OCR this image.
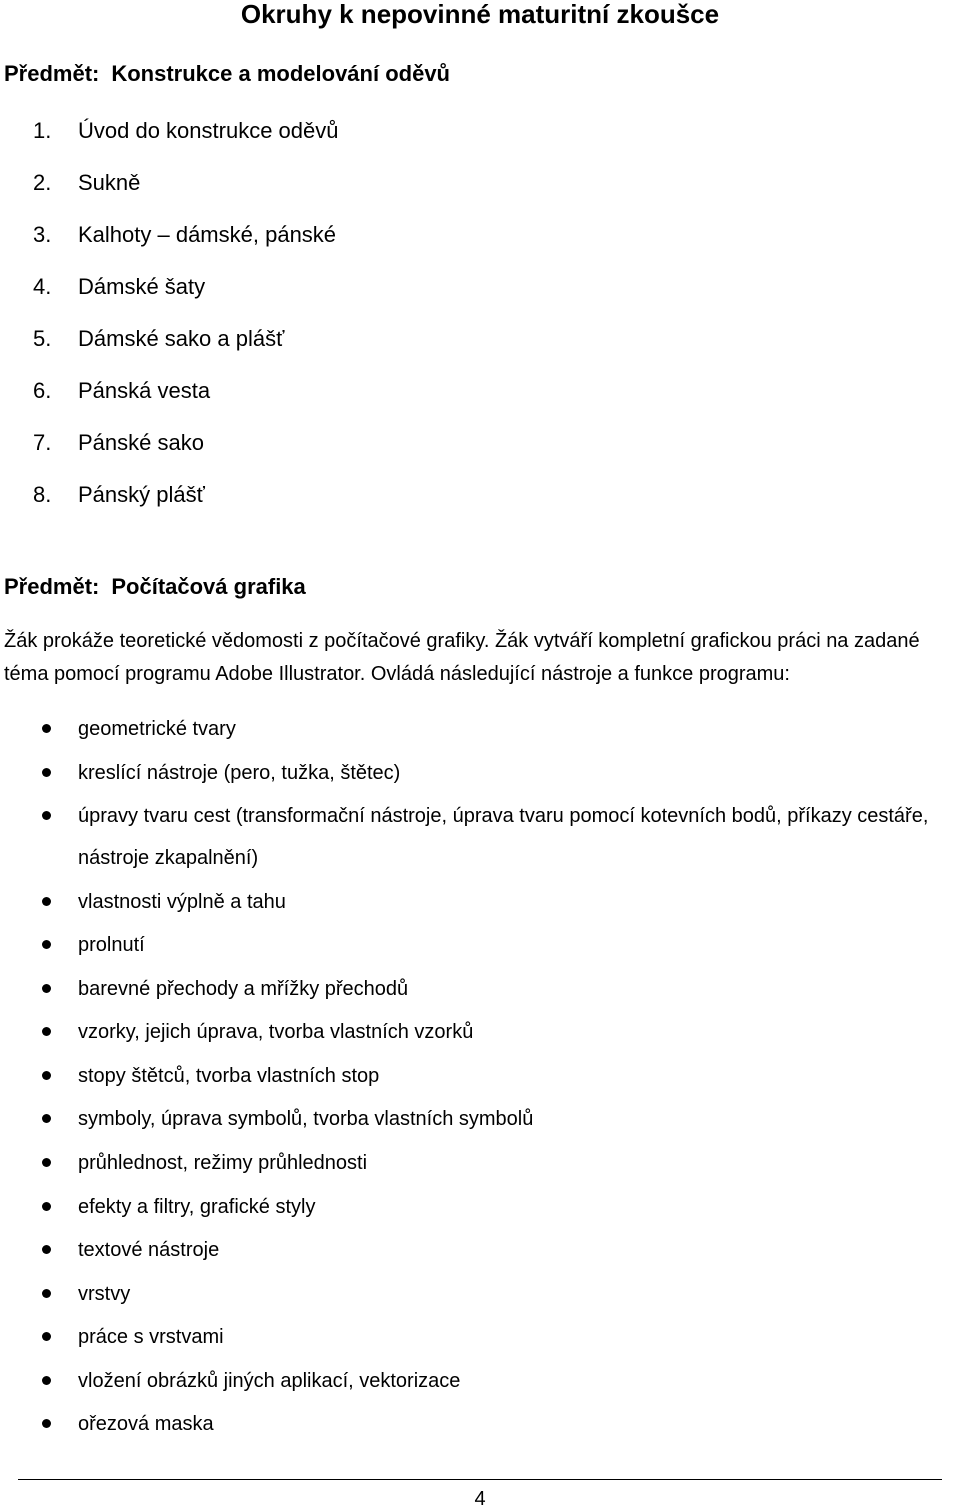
Okruhy k nepovinné maturitní zkoušce
Předmět: Konstrukce a modelování oděvů
1.	Úvod do konstrukce oděvů
2.	Sukně
3.	Kalhoty – dámské, pánské
4.	Dámské šaty
5.	Dámské sako a plášť
6.	Pánská vesta
7.	Pánské sako
8.	Pánský plášť
Předmět: Počítačová grafika

Žák prokáže teoretické vědomosti z počítačové grafiky. Žák vytváří kompletní grafickou práci na zadané téma pomocí programu Adobe Illustrator. Ovládá následující nástroje a funkce programu:

geometrické tvary
kreslící nástroje (pero, tužka, štětec)
úpravy tvaru cest (transformační nástroje, úprava tvaru pomocí kotevních bodů, příkazy cestáře, nástroje zkapalnění)
vlastnosti výplně a tahu
prolnutí
barevné přechody a mřížky přechodů
vzorky, jejich úprava, tvorba vlastních vzorků
stopy štětců, tvorba vlastních stop
symboly, úprava symbolů, tvorba vlastních symbolů
průhlednost, režimy průhlednosti
efekty a filtry, grafické styly
textové nástroje
vrstvy
práce s vrstvami
vložení obrázků jiných aplikací, vektorizace
ořezová maska
4
